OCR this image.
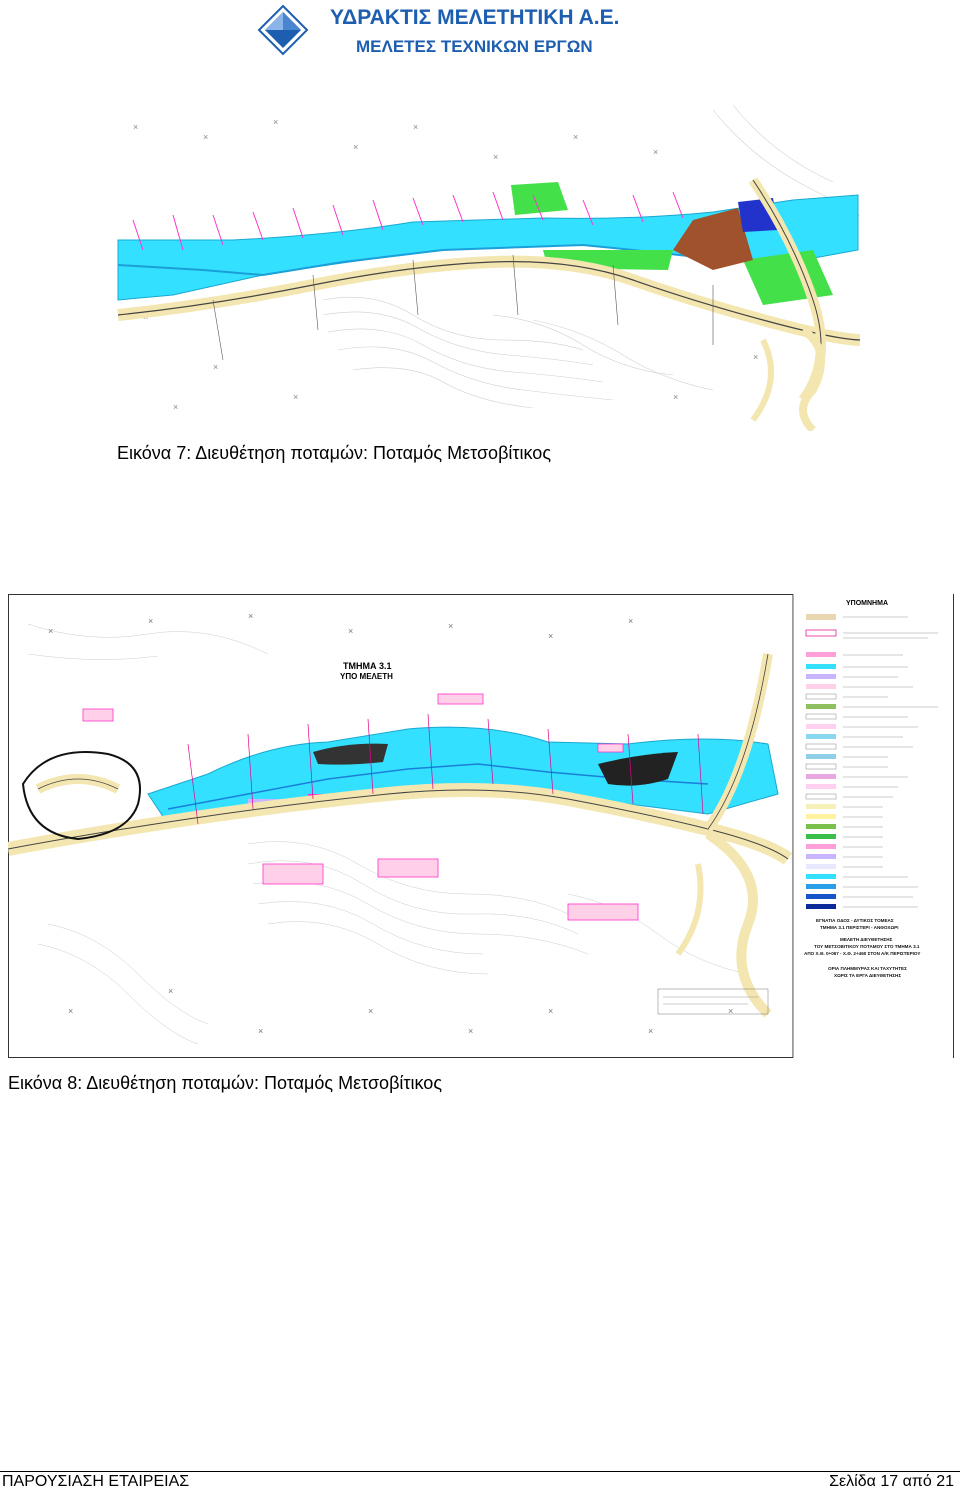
ΥΔΡΑΚΤΙΣ ΜΕΛΕΤΗΤΙΚΗ Α.Ε.
ΜΕΛΕΤΕΣ ΤΕΧΝΙΚΩΝ ΕΡΓΩΝ
×
×
×
×
×
×
×
×
×
×
×
×
×
×
×
Εικόνα 7: Διευθέτηση ποταμών: Ποταμός Μετσοβίτικος
×
×	×
×	×
×
×
×
×
×
×
×
×
×
×
ΤΜΗΜΑ 3.1
ΥΠΟ ΜΕΛΕΤΗ
ΥΠΟΜΝΗΜΑ
ΕΓΝΑΤΙΑ ΟΔΟΣ - ΔΥΤΙΚΟΣ ΤΟΜΕΑΣ
ΤΜΗΜΑ 3.1 ΠΕΡΙΣΤΕΡΙ - ΑΝΘΟΧΩΡΙ
ΜΕΛΕΤΗ ΔΙΕΥΘΕΤΗΣΗΣ
ΤΟΥ ΜΕΤΣΟΒΙΤΙΚΟΥ ΠΟΤΑΜΟΥ ΣΤΟ ΤΜΗΜΑ 3.1
ΑΠΟ Χ.Θ. 0+067 - Χ.Θ. 2+460 ΣΤΟΝ Α/Κ ΠΕΡΙΣΤΕΡΙΟΥ
ΟΡΙΑ ΠΛΗΜΜΥΡΑΣ ΚΑΙ ΤΑΧΥΤΗΤΕΣ
ΧΩΡΙΣ ΤΑ ΕΡΓΑ ΔΙΕΥΘΕΤΗΣΗΣ
Εικόνα 8: Διευθέτηση ποταμών: Ποταμός Μετσοβίτικος
ΠΑΡΟΥΣΙΑΣΗ ΕΤΑΙΡΕΙΑΣ	Σελίδα 17 από 21
